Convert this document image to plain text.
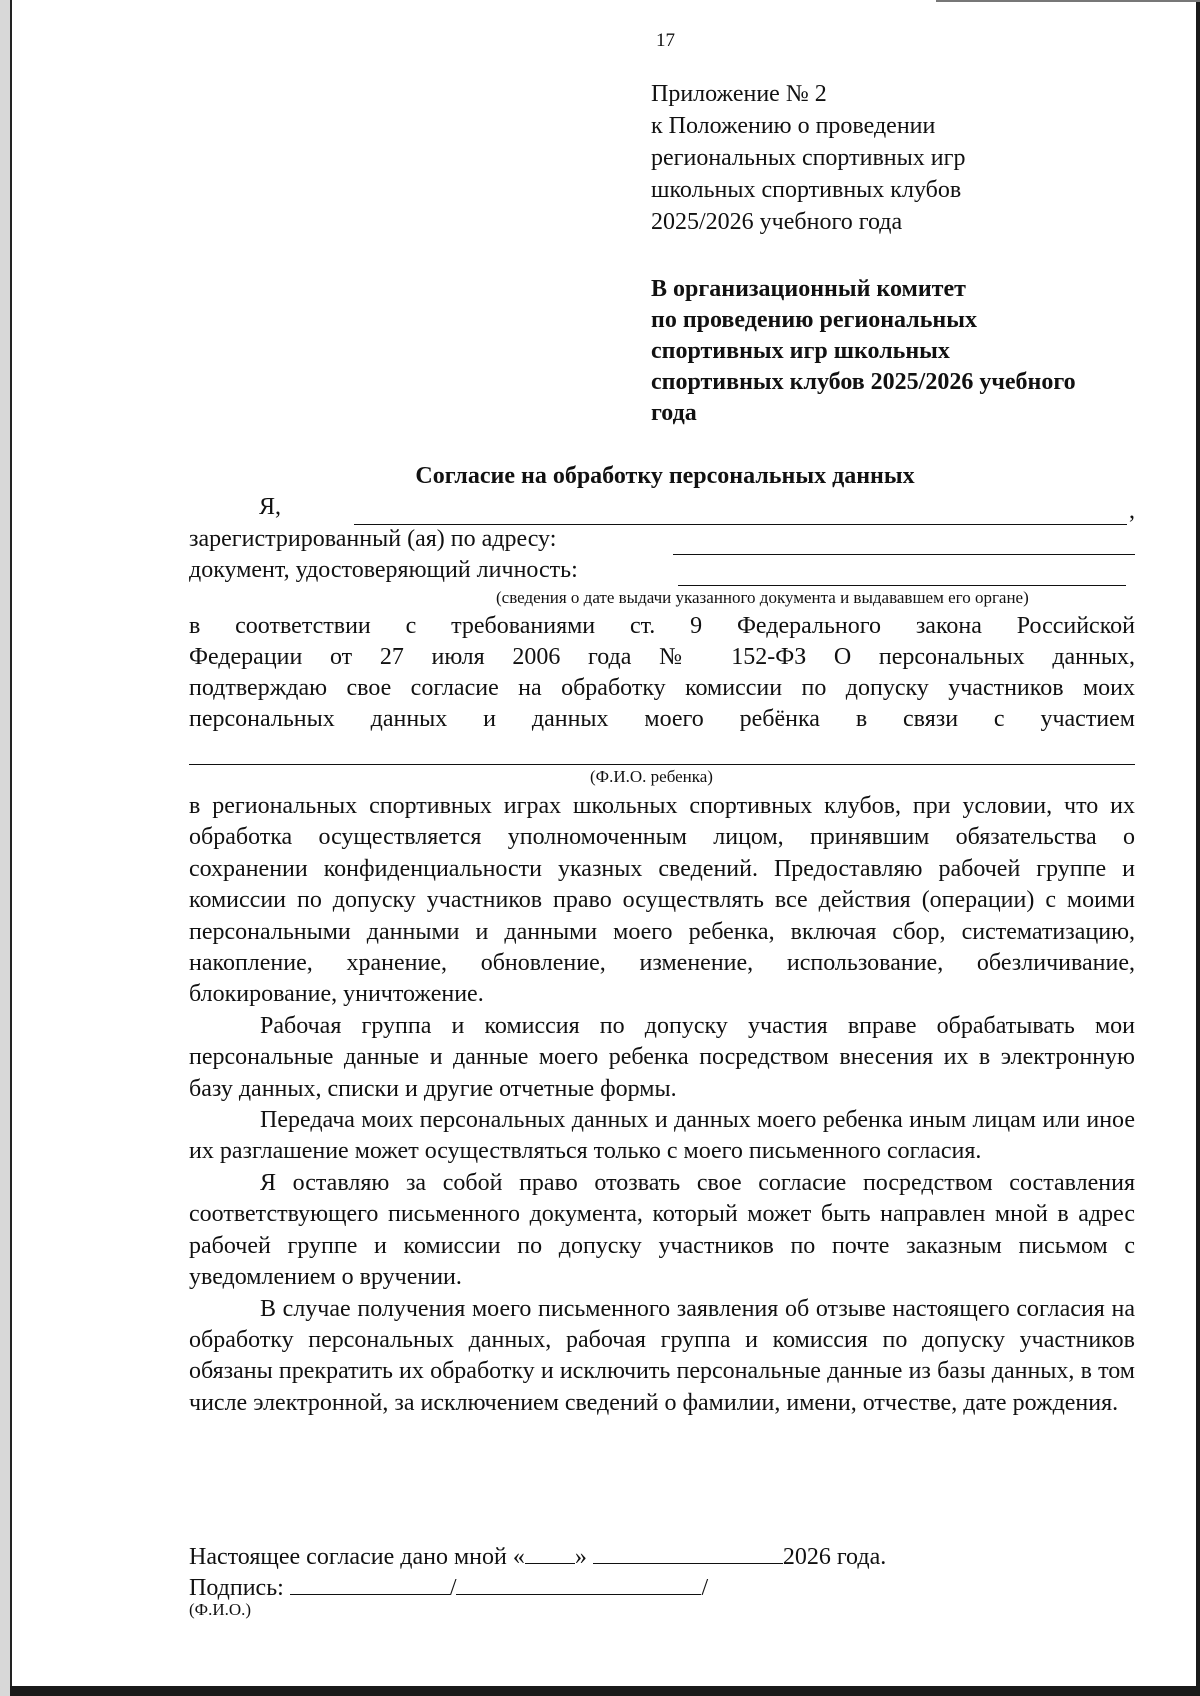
17
Приложение № 2
к Положению о проведении
региональных спортивных игр
школьных спортивных клубов
2025/2026 учебного года
В организационный комитет
по проведению региональных
спортивных игр школьных
спортивных клубов 2025/2026 учебного
года
Согласие на обработку персональных данных
Я,	,
зарегистрированный (ая) по адресу:
документ, удостоверяющий личность:
(сведения о дате выдачи указанного документа и выдававшем его органе)
в соответствии с требованиями ст. 9 Федерального закона Российской
Федерации от 27 июля 2006 года № 152-ФЗ О персональных данных,
подтверждаю свое согласие на обработку комиссии по допуску участников моих
персональных данных и данных моего ребёнка в связи с участием
(Ф.И.О. ребенка)

в региональных спортивных играх школьных спортивных клубов, при условии, что их обработка осуществляется уполномоченным лицом, принявшим обязательства о сохранении конфиденциальности указных сведений. Предоставляю рабочей группе и комиссии по допуску участников право осуществлять все действия (операции) с моими персональными данными и данными моего ребенка, включая сбор, систематизацию, накопление, хранение, обновление, изменение, использование, обезличивание, блокирование, уничтожение.

Рабочая группа и комиссия по допуску участия вправе обрабатывать мои персональные данные и данные моего ребенка посредством внесения их в электронную базу данных, списки и другие отчетные формы.

Передача моих персональных данных и данных моего ребенка иным лицам или иное их разглашение может осуществляться только с моего письменного согласия.

Я оставляю за собой право отозвать свое согласие посредством составления соответствующего письменного документа, который может быть направлен мной в адрес рабочей группе и комиссии по допуску участников по почте заказным письмом с уведомлением о вручении.

В случае получения моего письменного заявления об отзыве настоящего согласия на обработку персональных данных, рабочая группа и комиссия по допуску участников обязаны прекратить их обработку и исключить персональные данные из базы данных, в том числе электронной, за исключением сведений о фамилии, имени, отчестве, дате рождения.

Настоящее согласие дано мной « »	2026 года.
Подпись:	/	/
(Ф.И.О.)
